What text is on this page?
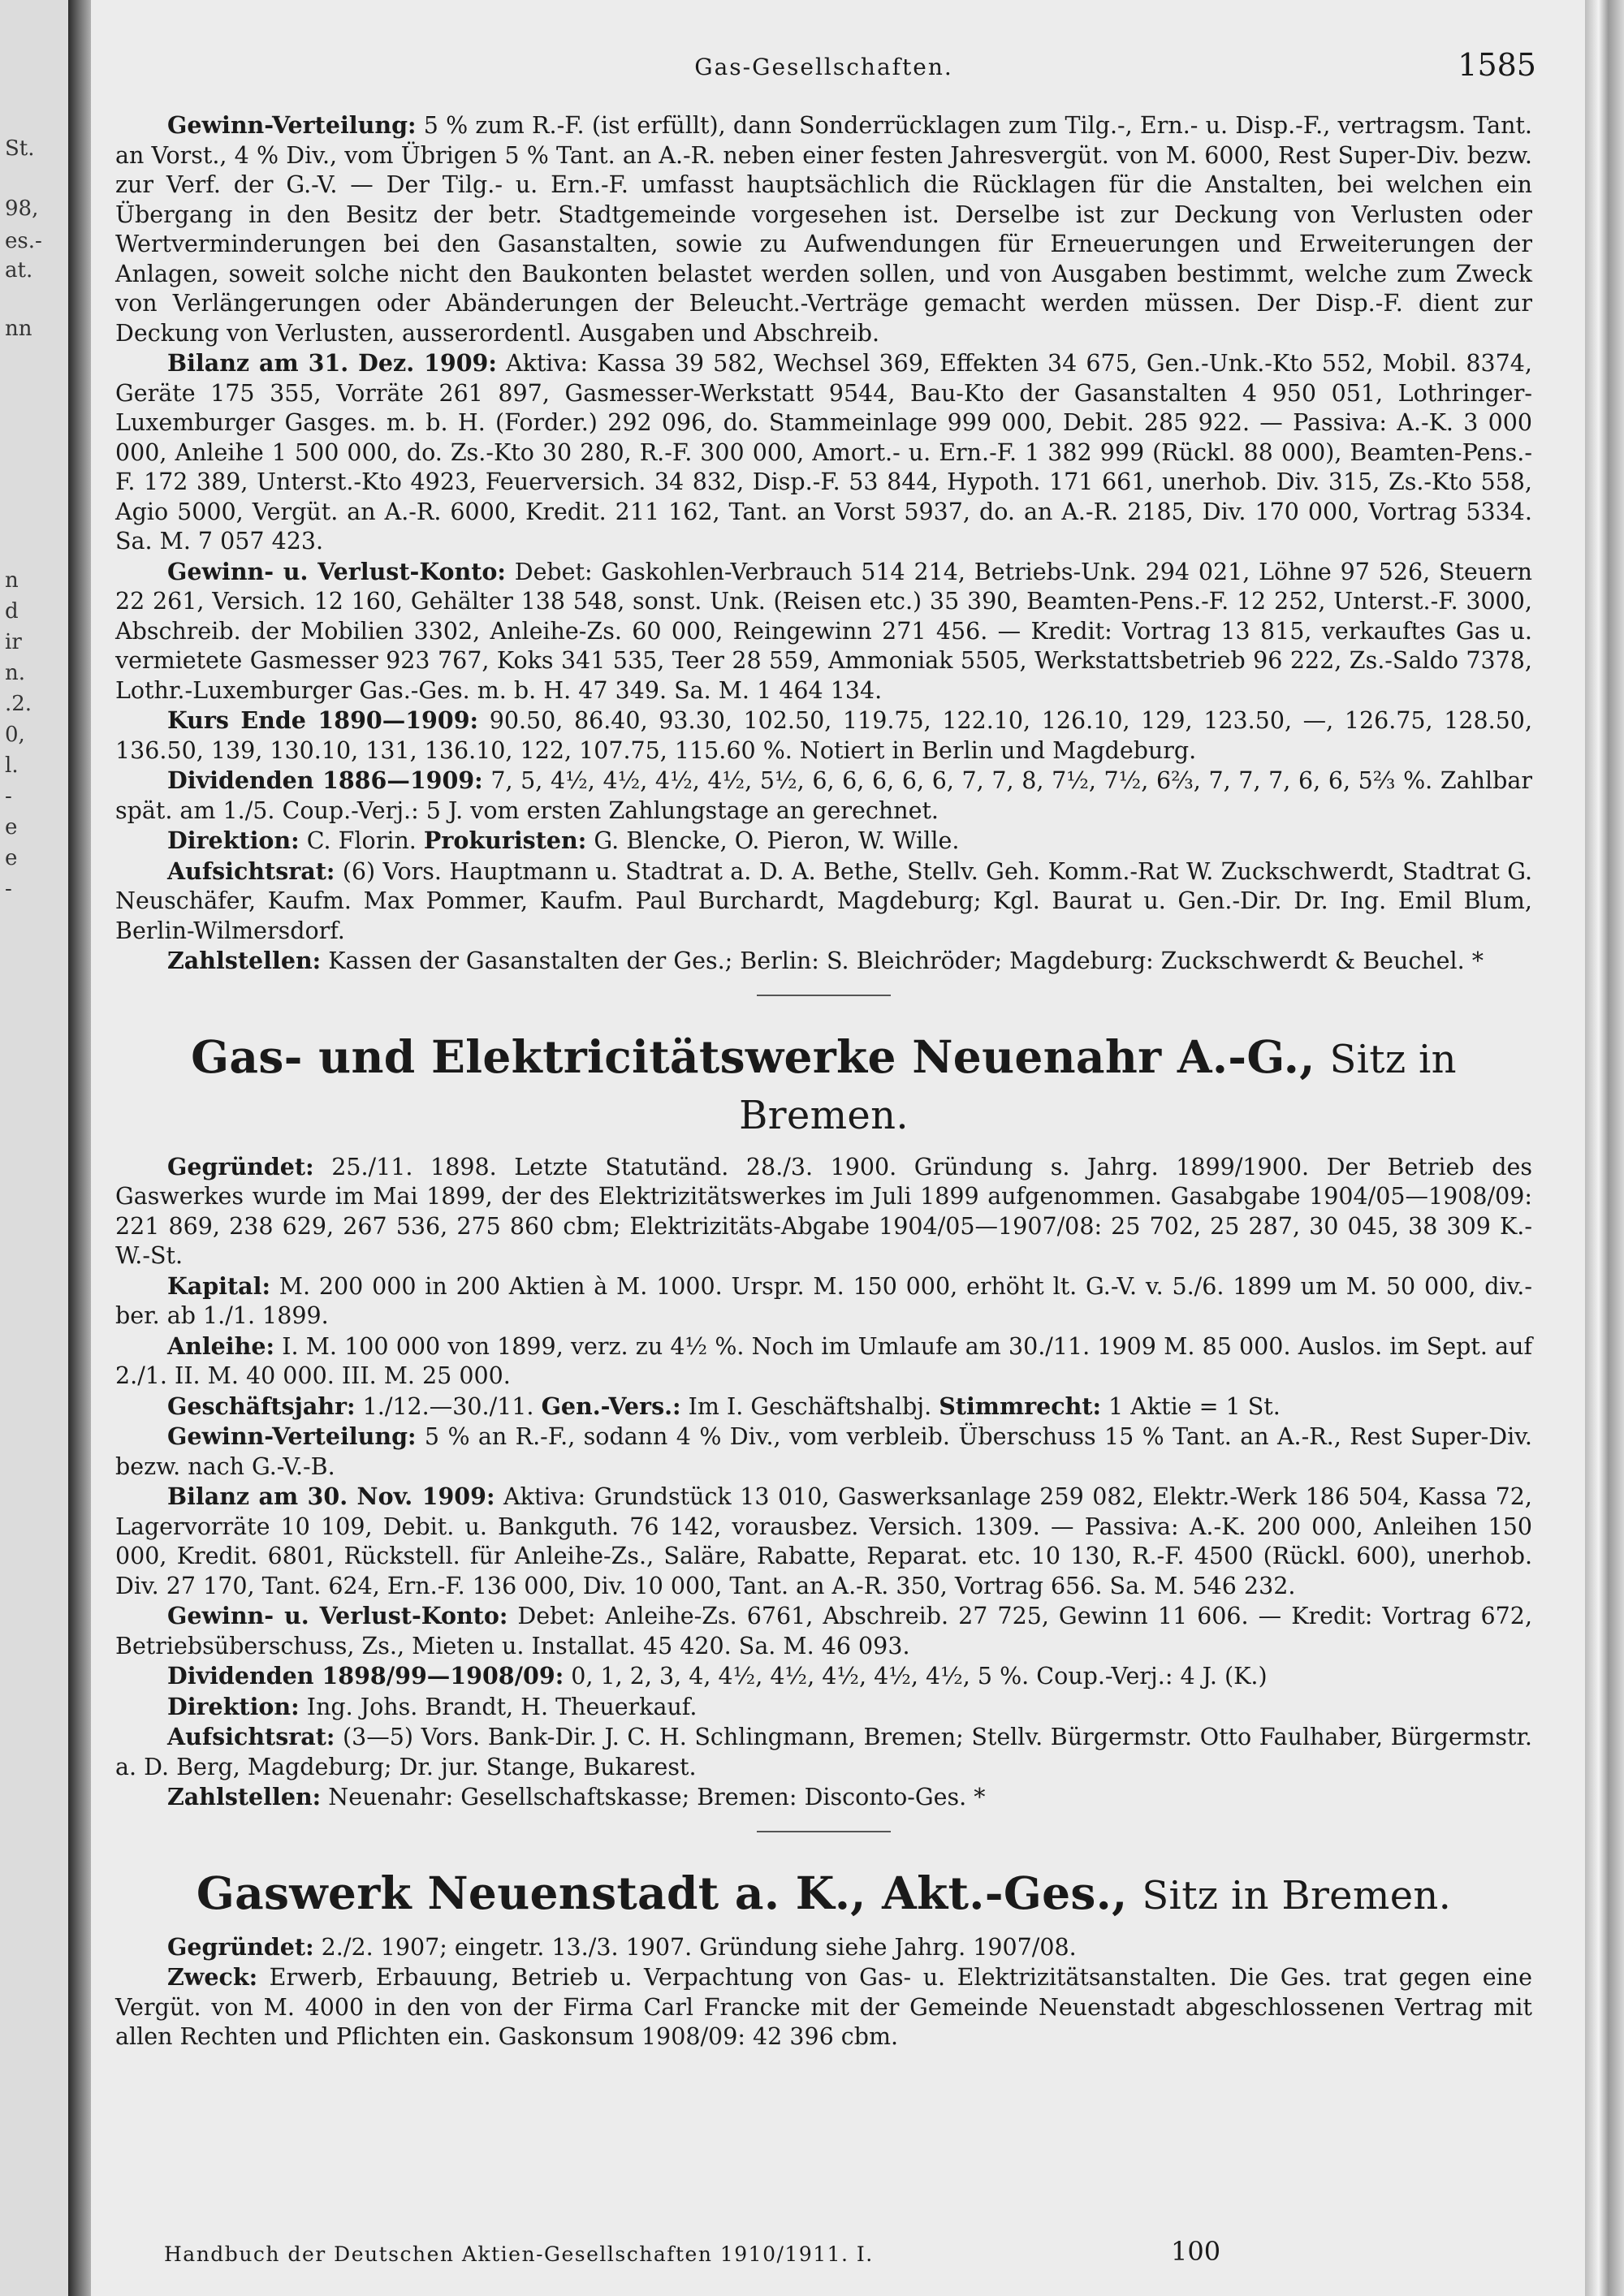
St.
98,
es.-
at.
nn
n
d
ir
n.
.2.
0,
l.
-
e
e
-
Gas-Gesellschaften.	1585

Gewinn-Verteilung: 5 % zum R.-F. (ist erfüllt), dann Sonderrücklagen zum Tilg.-, Ern.- u. Disp.-F., vertragsm. Tant. an Vorst., 4 % Div., vom Übrigen 5 % Tant. an A.-R. neben einer festen Jahresvergüt. von M. 6000, Rest Super-Div. bezw. zur Verf. der G.-V. — Der Tilg.- u. Ern.-F. umfasst hauptsächlich die Rücklagen für die Anstalten, bei welchen ein Übergang in den Besitz der betr. Stadtgemeinde vorgesehen ist. Derselbe ist zur Deckung von Verlusten oder Wertverminderungen bei den Gasanstalten, sowie zu Aufwendungen für Erneuerungen und Erweiterungen der Anlagen, soweit solche nicht den Baukonten belastet werden sollen, und von Ausgaben bestimmt, welche zum Zweck von Verlängerungen oder Abänderungen der Beleucht.-Verträge gemacht werden müssen. Der Disp.-F. dient zur Deckung von Verlusten, ausserordentl. Ausgaben und Abschreib.

Bilanz am 31. Dez. 1909: Aktiva: Kassa 39 582, Wechsel 369, Effekten 34 675, Gen.-Unk.-Kto 552, Mobil. 8374, Geräte 175 355, Vorräte 261 897, Gasmesser-Werkstatt 9544, Bau-Kto der Gasanstalten 4 950 051, Lothringer-Luxemburger Gasges. m. b. H. (Forder.) 292 096, do. Stammeinlage 999 000, Debit. 285 922. — Passiva: A.-K. 3 000 000, Anleihe 1 500 000, do. Zs.-Kto 30 280, R.-F. 300 000, Amort.- u. Ern.-F. 1 382 999 (Rückl. 88 000), Beamten-Pens.-F. 172 389, Unterst.-Kto 4923, Feuerversich. 34 832, Disp.-F. 53 844, Hypoth. 171 661, unerhob. Div. 315, Zs.-Kto 558, Agio 5000, Vergüt. an A.-R. 6000, Kredit. 211 162, Tant. an Vorst 5937, do. an A.-R. 2185, Div. 170 000, Vortrag 5334. Sa. M. 7 057 423.

Gewinn- u. Verlust-Konto: Debet: Gaskohlen-Verbrauch 514 214, Betriebs-Unk. 294 021, Löhne 97 526, Steuern 22 261, Versich. 12 160, Gehälter 138 548, sonst. Unk. (Reisen etc.) 35 390, Beamten-Pens.-F. 12 252, Unterst.-F. 3000, Abschreib. der Mobilien 3302, Anleihe-Zs. 60 000, Reingewinn 271 456. — Kredit: Vortrag 13 815, verkauftes Gas u. vermietete Gasmesser 923 767, Koks 341 535, Teer 28 559, Ammoniak 5505, Werkstattsbetrieb 96 222, Zs.-Saldo 7378, Lothr.-Luxemburger Gas.-Ges. m. b. H. 47 349. Sa. M. 1 464 134.

Kurs Ende 1890—1909: 90.50, 86.40, 93.30, 102.50, 119.75, 122.10, 126.10, 129, 123.50, —, 126.75, 128.50, 136.50, 139, 130.10, 131, 136.10, 122, 107.75, 115.60 %. Notiert in Berlin und Magdeburg.

Dividenden 1886—1909: 7, 5, 4½, 4½, 4½, 4½, 5½, 6, 6, 6, 6, 6, 7, 7, 8, 7½, 7½, 6⅔, 7, 7, 7, 6, 6, 5⅔ %. Zahlbar spät. am 1./5. Coup.-Verj.: 5 J. vom ersten Zahlungstage an gerechnet.

Direktion: C. Florin. Prokuristen: G. Blencke, O. Pieron, W. Wille.

Aufsichtsrat: (6) Vors. Hauptmann u. Stadtrat a. D. A. Bethe, Stellv. Geh. Komm.-Rat W. Zuckschwerdt, Stadtrat G. Neuschäfer, Kaufm. Max Pommer, Kaufm. Paul Burchardt, Magdeburg; Kgl. Baurat u. Gen.-Dir. Dr. Ing. Emil Blum, Berlin-Wilmersdorf.

Zahlstellen: Kassen der Gasanstalten der Ges.; Berlin: S. Bleichröder; Magdeburg: Zuckschwerdt & Beuchel. *

Gas- und Elektricitätswerke Neuenahr A.-G., Sitz in Bremen.

Gegründet: 25./11. 1898. Letzte Statutänd. 28./3. 1900. Gründung s. Jahrg. 1899/1900. Der Betrieb des Gaswerkes wurde im Mai 1899, der des Elektrizitätswerkes im Juli 1899 aufgenommen. Gasabgabe 1904/05—1908/09: 221 869, 238 629, 267 536, 275 860 cbm; Elektrizitäts-Abgabe 1904/05—1907/08: 25 702, 25 287, 30 045, 38 309 K.-W.-St.

Kapital: M. 200 000 in 200 Aktien à M. 1000. Urspr. M. 150 000, erhöht lt. G.-V. v. 5./6. 1899 um M. 50 000, div.-ber. ab 1./1. 1899.

Anleihe: I. M. 100 000 von 1899, verz. zu 4½ %. Noch im Umlaufe am 30./11. 1909 M. 85 000. Auslos. im Sept. auf 2./1. II. M. 40 000. III. M. 25 000.

Geschäftsjahr: 1./12.—30./11. Gen.-Vers.: Im I. Geschäftshalbj. Stimmrecht: 1 Aktie = 1 St.

Gewinn-Verteilung: 5 % an R.-F., sodann 4 % Div., vom verbleib. Überschuss 15 % Tant. an A.-R., Rest Super-Div. bezw. nach G.-V.-B.

Bilanz am 30. Nov. 1909: Aktiva: Grundstück 13 010, Gaswerksanlage 259 082, Elektr.-Werk 186 504, Kassa 72, Lagervorräte 10 109, Debit. u. Bankguth. 76 142, vorausbez. Versich. 1309. — Passiva: A.-K. 200 000, Anleihen 150 000, Kredit. 6801, Rückstell. für Anleihe-Zs., Saläre, Rabatte, Reparat. etc. 10 130, R.-F. 4500 (Rückl. 600), unerhob. Div. 27 170, Tant. 624, Ern.-F. 136 000, Div. 10 000, Tant. an A.-R. 350, Vortrag 656. Sa. M. 546 232.

Gewinn- u. Verlust-Konto: Debet: Anleihe-Zs. 6761, Abschreib. 27 725, Gewinn 11 606. — Kredit: Vortrag 672, Betriebsüberschuss, Zs., Mieten u. Installat. 45 420. Sa. M. 46 093.

Dividenden 1898/99—1908/09: 0, 1, 2, 3, 4, 4½, 4½, 4½, 4½, 4½, 5 %. Coup.-Verj.: 4 J. (K.)

Direktion: Ing. Johs. Brandt, H. Theuerkauf.

Aufsichtsrat: (3—5) Vors. Bank-Dir. J. C. H. Schlingmann, Bremen; Stellv. Bürgermstr. Otto Faulhaber, Bürgermstr. a. D. Berg, Magdeburg; Dr. jur. Stange, Bukarest.

Zahlstellen: Neuenahr: Gesellschaftskasse; Bremen: Disconto-Ges. *

Gaswerk Neuenstadt a. K., Akt.-Ges., Sitz in Bremen.

Gegründet: 2./2. 1907; eingetr. 13./3. 1907. Gründung siehe Jahrg. 1907/08.

Zweck: Erwerb, Erbauung, Betrieb u. Verpachtung von Gas- u. Elektrizitätsanstalten. Die Ges. trat gegen eine Vergüt. von M. 4000 in den von der Firma Carl Francke mit der Gemeinde Neuenstadt abgeschlossenen Vertrag mit allen Rechten und Pflichten ein. Gaskonsum 1908/09: 42 396 cbm.

Handbuch der Deutschen Aktien-Gesellschaften 1910/1911. I.	100
